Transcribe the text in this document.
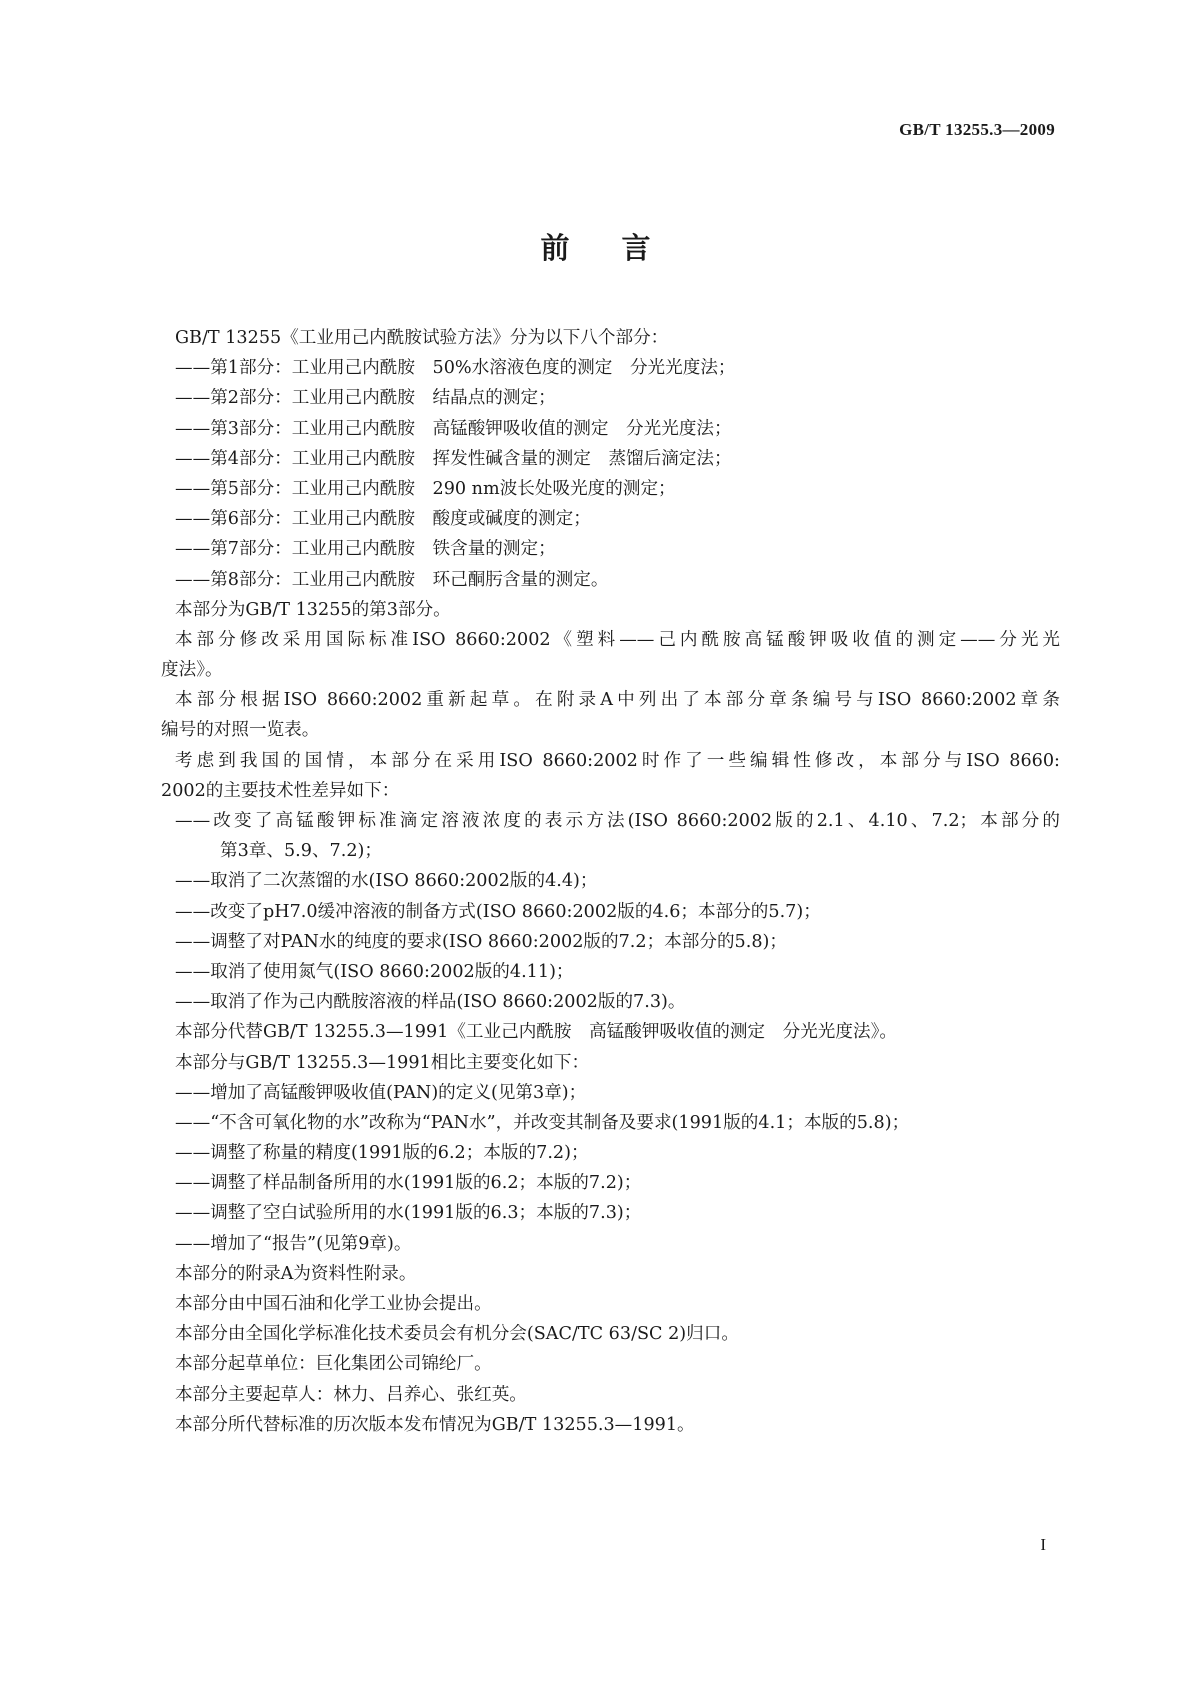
GB/T 13255.3—2009
前言
GB/T 13255《工业用己内酰胺试验方法》分为以下八个部分：
——第1部分：工业用己内酰胺　50%水溶液色度的测定　分光光度法；
——第2部分：工业用己内酰胺　结晶点的测定；
——第3部分：工业用己内酰胺　高锰酸钾吸收值的测定　分光光度法；
——第4部分：工业用己内酰胺　挥发性碱含量的测定　蒸馏后滴定法；
——第5部分：工业用己内酰胺　290 nm波长处吸光度的测定；
——第6部分：工业用己内酰胺　酸度或碱度的测定；
——第7部分：工业用己内酰胺　铁含量的测定；
——第8部分：工业用己内酰胺　环己酮肟含量的测定。
本部分为GB/T 13255的第3部分。
本部分修改采用国际标准ISO 8660:2002《塑料——己内酰胺高锰酸钾吸收值的测定——分光光
度法》。
本部分根据ISO 8660:2002重新起草。在附录A中列出了本部分章条编号与ISO 8660:2002章条
编号的对照一览表。
考虑到我国的国情，本部分在采用ISO 8660:2002时作了一些编辑性修改，本部分与ISO 8660:
2002的主要技术性差异如下：
——改变了高锰酸钾标准滴定溶液浓度的表示方法(ISO 8660:2002版的2.1、4.10、7.2；本部分的
第3章、5.9、7.2)；
——取消了二次蒸馏的水(ISO 8660:2002版的4.4)；
——改变了pH7.0缓冲溶液的制备方式(ISO 8660:2002版的4.6；本部分的5.7)；
——调整了对PAN水的纯度的要求(ISO 8660:2002版的7.2；本部分的5.8)；
——取消了使用氮气(ISO 8660:2002版的4.11)；
——取消了作为己内酰胺溶液的样品(ISO 8660:2002版的7.3)。
本部分代替GB/T 13255.3—1991《工业己内酰胺　高锰酸钾吸收值的测定　分光光度法》。
本部分与GB/T 13255.3—1991相比主要变化如下：
——增加了高锰酸钾吸收值(PAN)的定义(见第3章)；
——“不含可氧化物的水”改称为“PAN水”，并改变其制备及要求(1991版的4.1；本版的5.8)；
——调整了称量的精度(1991版的6.2；本版的7.2)；
——调整了样品制备所用的水(1991版的6.2；本版的7.2)；
——调整了空白试验所用的水(1991版的6.3；本版的7.3)；
——增加了“报告”(见第9章)。
本部分的附录A为资料性附录。
本部分由中国石油和化学工业协会提出。
本部分由全国化学标准化技术委员会有机分会(SAC/TC 63/SC 2)归口。
本部分起草单位：巨化集团公司锦纶厂。
本部分主要起草人：林力、吕养心、张红英。
本部分所代替标准的历次版本发布情况为GB/T 13255.3—1991。
I
